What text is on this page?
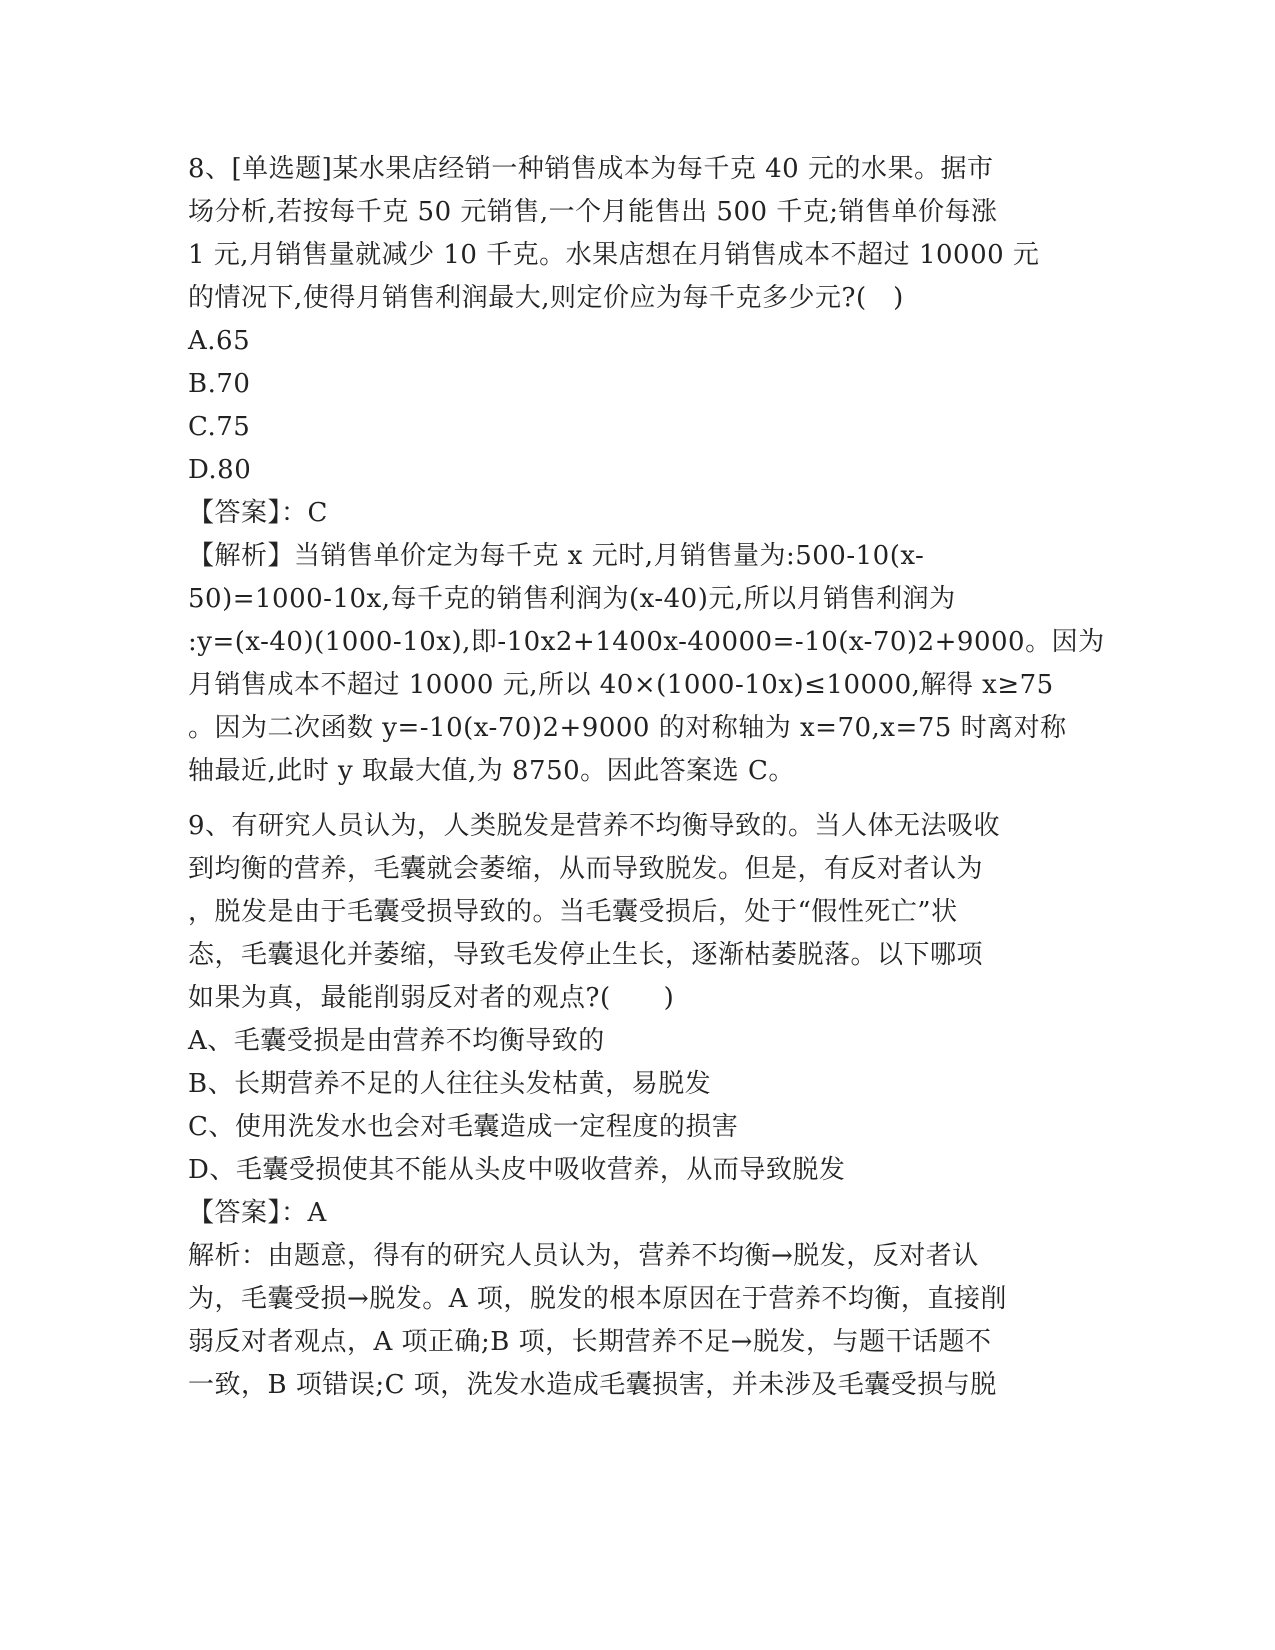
8、[单选题]某水果店经销一种销售成本为每千克 40 元的水果。据市
场分析,若按每千克 50 元销售,一个月能售出 500 千克;销售单价每涨
1 元,月销售量就减少 10 千克。水果店想在月销售成本不超过 10000 元
的情况下,使得月销售利润最大,则定价应为每千克多少元?(　)
A.65
B.70
C.75
D.80
【答案】：C
【解析】当销售单价定为每千克 x 元时,月销售量为:500-10(x-
50)=1000-10x,每千克的销售利润为(x-40)元,所以月销售利润为
:y=(x-40)(1000-10x),即-10x2+1400x-40000=-10(x-70)2+9000。因为
月销售成本不超过 10000 元,所以 40×(1000-10x)≤10000,解得 x≥75
。因为二次函数 y=-10(x-70)2+9000 的对称轴为 x=70,x=75 时离对称
轴最近,此时 y 取最大值,为 8750。因此答案选 C。
9、有研究人员认为，人类脱发是营养不均衡导致的。当人体无法吸收
到均衡的营养，毛囊就会萎缩，从而导致脱发。但是，有反对者认为
，脱发是由于毛囊受损导致的。当毛囊受损后，处于“假性死亡”状
态，毛囊退化并萎缩，导致毛发停止生长，逐渐枯萎脱落。以下哪项
如果为真，最能削弱反对者的观点?(　　)
A、毛囊受损是由营养不均衡导致的
B、长期营养不足的人往往头发枯黄，易脱发
C、使用洗发水也会对毛囊造成一定程度的损害
D、毛囊受损使其不能从头皮中吸收营养，从而导致脱发
【答案】：A
解析：由题意，得有的研究人员认为，营养不均衡→脱发，反对者认
为，毛囊受损→脱发。A 项，脱发的根本原因在于营养不均衡，直接削
弱反对者观点，A 项正确;B 项，长期营养不足→脱发，与题干话题不
一致，B 项错误;C 项，洗发水造成毛囊损害，并未涉及毛囊受损与脱
